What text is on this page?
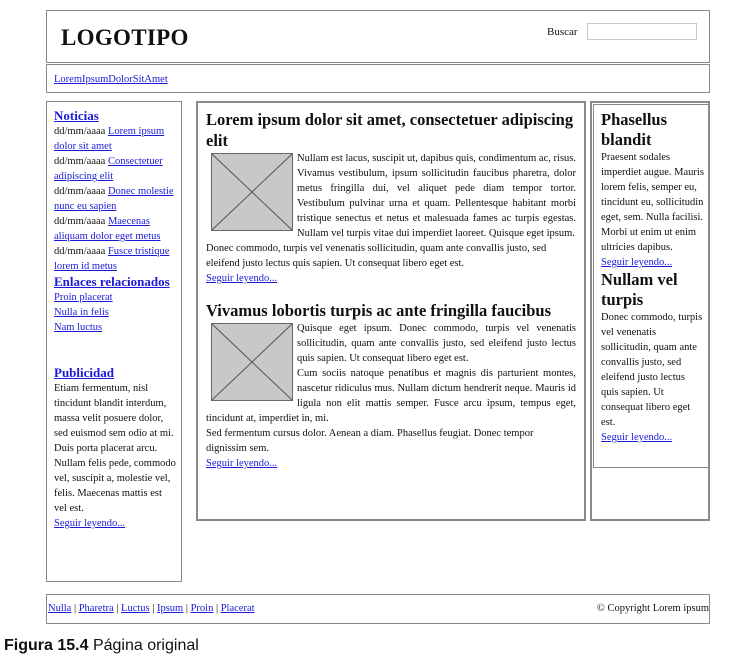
LOGOTIPO	Buscar
LoremIpsumDolorSitAmet
Noticias
dd/mm/aaaa Lorem ipsum dolor sit amet
dd/mm/aaaa Consectetuer adipiscing elit
dd/mm/aaaa Donec molestie nunc eu sapien
dd/mm/aaaa Maecenas aliquam dolor eget metus
dd/mm/aaaa Fusce tristique lorem id metus
Enlaces relacionados
Proin placerat
Nulla in felis
Nam luctus
Publicidad

Etiam fermentum, nisl tincidunt blandit interdum, massa velit posuere dolor, sed euismod sem odio at mi.

Duis porta placerat arcu. Nullam felis pede, commodo vel, suscipit a, molestie vel, felis. Maecenas mattis est vel est.

Seguir leyendo...
Lorem ipsum dolor sit amet, consectetuer adipiscing elit

Nullam est lacus, suscipit ut, dapibus quis, condimentum ac, risus. Vivamus vestibulum, ipsum sollicitudin faucibus pharetra, dolor metus fringilla dui, vel aliquet pede diam tempor tortor. Vestibulum pulvinar urna et quam. Pellentesque habitant morbi tristique senectus et netus et malesuada fames ac turpis egestas. Nullam vel turpis vitae dui imperdiet laoreet. Quisque eget ipsum.

Donec commodo, turpis vel venenatis sollicitudin, quam ante convallis justo, sed eleifend justo lectus quis sapien. Ut consequat libero eget est.

Seguir leyendo...
Vivamus lobortis turpis ac ante fringilla faucibus

Quisque eget ipsum. Donec commodo, turpis vel venenatis sollicitudin, quam ante convallis justo, sed eleifend justo lectus quis sapien. Ut consequat libero eget est.

Cum sociis natoque penatibus et magnis dis parturient montes, nascetur ridiculus mus. Nullam dictum hendrerit neque. Mauris id ligula non elit mattis semper. Fusce arcu ipsum, tempus eget, tincidunt at, imperdiet in, mi.

Sed fermentum cursus dolor. Aenean a diam. Phasellus feugiat. Donec tempor dignissim sem.

Seguir leyendo...
Phasellus blandit

Praesent sodales imperdiet augue. Mauris lorem felis, semper eu, tincidunt eu, sollicitudin eget, sem. Nulla facilisi. Morbi ut enim ut enim ultricies dapibus.

Seguir leyendo...
Nullam vel turpis

Donec commodo, turpis vel venenatis sollicitudin, quam ante convallis justo, sed eleifend justo lectus quis sapien. Ut consequat libero eget est.

Seguir leyendo...
Nulla | Pharetra | Luctus | Ipsum | Proin | Placerat	© Copyright Lorem ipsum
Figura 15.4 Página original
